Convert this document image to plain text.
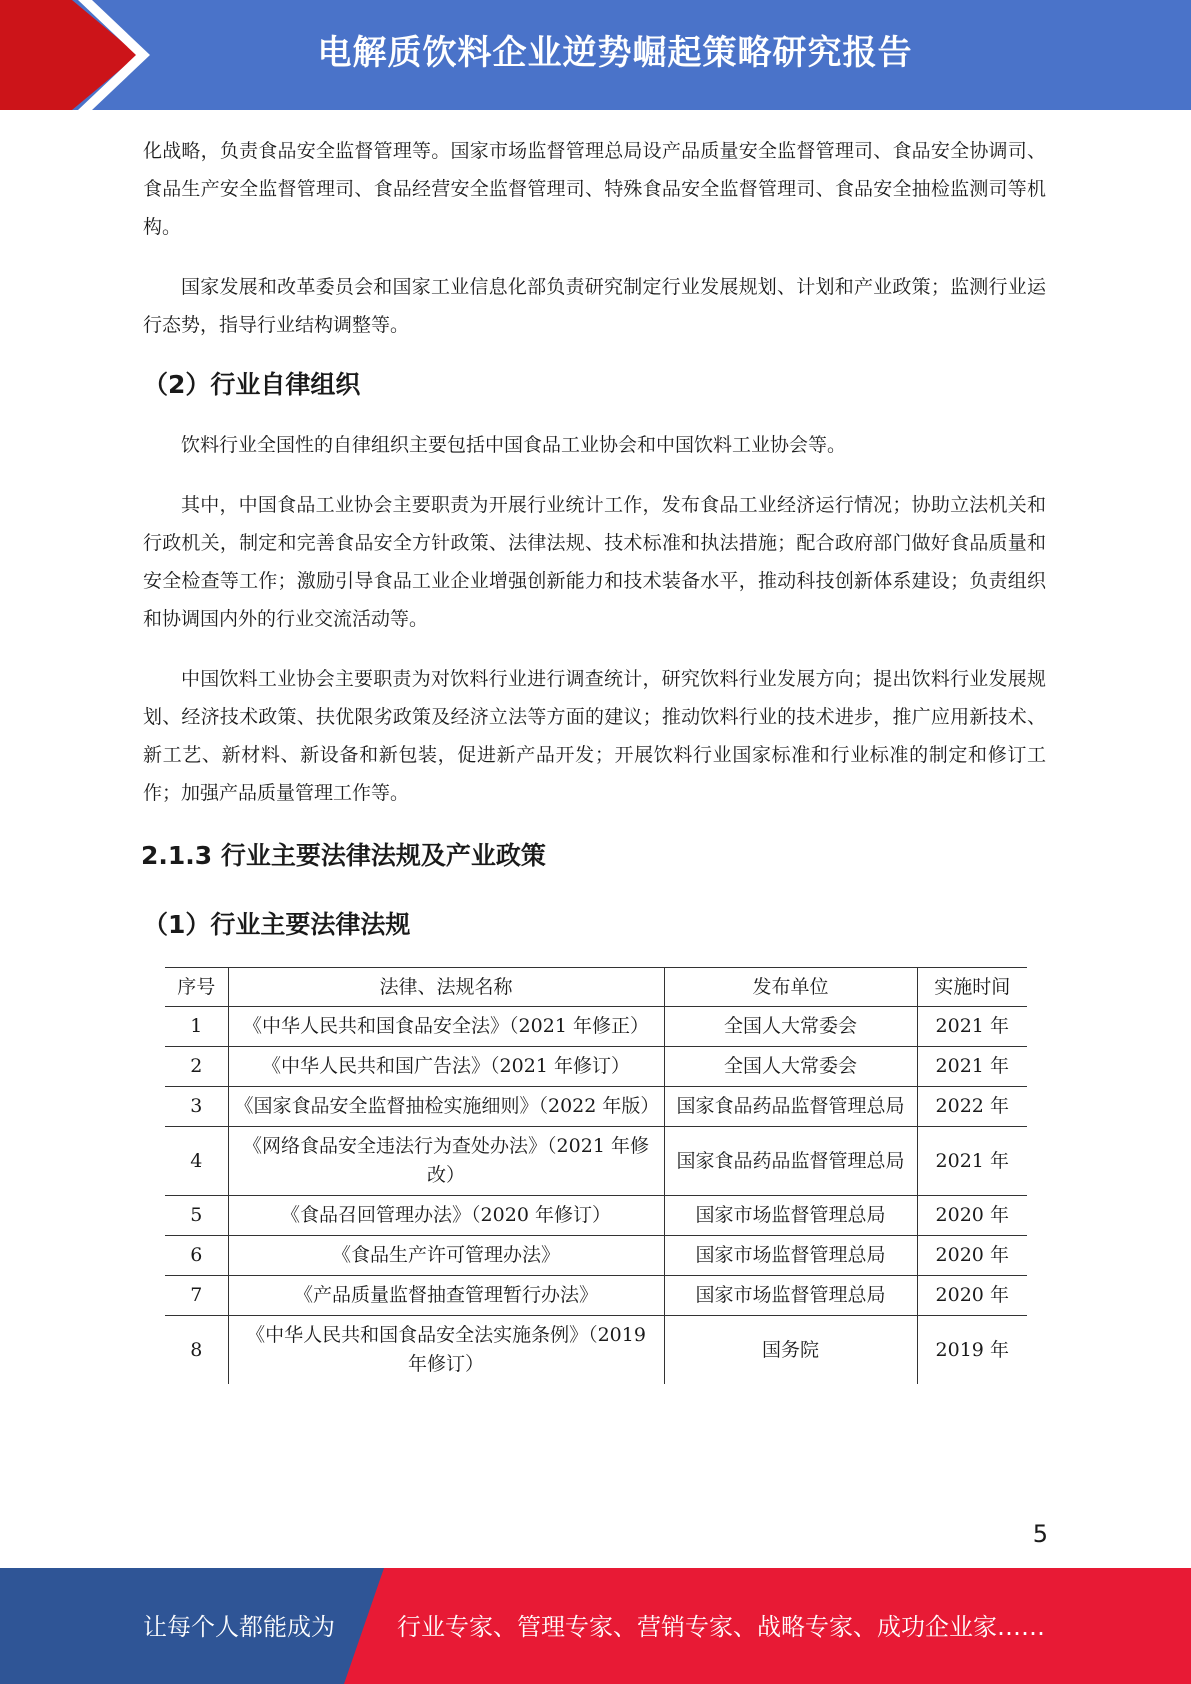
电解质饮料企业逆势崛起策略研究报告

化战略，负责食品安全监督管理等。国家市场监督管理总局设产品质量安全监督管理司、食品安全协调司、食品生产安全监督管理司、食品经营安全监督管理司、特殊食品安全监督管理司、食品安全抽检监测司等机构。

国家发展和改革委员会和国家工业信息化部负责研究制定行业发展规划、计划和产业政策；监测行业运行态势，指导行业结构调整等。

（2）行业自律组织

饮料行业全国性的自律组织主要包括中国食品工业协会和中国饮料工业协会等。

其中，中国食品工业协会主要职责为开展行业统计工作，发布食品工业经济运行情况；协助立法机关和行政机关，制定和完善食品安全方针政策、法律法规、技术标准和执法措施；配合政府部门做好食品质量和安全检查等工作；激励引导食品工业企业增强创新能力和技术装备水平，推动科技创新体系建设；负责组织和协调国内外的行业交流活动等。

中国饮料工业协会主要职责为对饮料行业进行调查统计，研究饮料行业发展方向；提出饮料行业发展规划、经济技术政策、扶优限劣政策及经济立法等方面的建议；推动饮料行业的技术进步，推广应用新技术、新工艺、新材料、新设备和新包装，促进新产品开发；开展饮料行业国家标准和行业标准的制定和修订工作；加强产品质量管理工作等。

2.1.3 行业主要法律法规及产业政策
（1）行业主要法律法规
序号	法律、法规名称	发布单位	实施时间
1	《中华人民共和国食品安全法》（2021 年修正）	全国人大常委会	2021 年
2	《中华人民共和国广告法》（2021 年修订）	全国人大常委会	2021 年
3	《国家食品安全监督抽检实施细则》（2022 年版）	国家食品药品监督管理总局	2022 年
4	《网络食品安全违法行为查处办法》（2021 年修改）	国家食品药品监督管理总局	2021 年
5	《食品召回管理办法》（2020 年修订）	国家市场监督管理总局	2020 年
6	《食品生产许可管理办法》	国家市场监督管理总局	2020 年
7	《产品质量监督抽查管理暂行办法》	国家市场监督管理总局	2020 年
8	《中华人民共和国食品安全法实施条例》（2019 年修订）	国务院	2019 年
5
让每个人都能成为	行业专家、管理专家、营销专家、战略专家、成功企业家……
